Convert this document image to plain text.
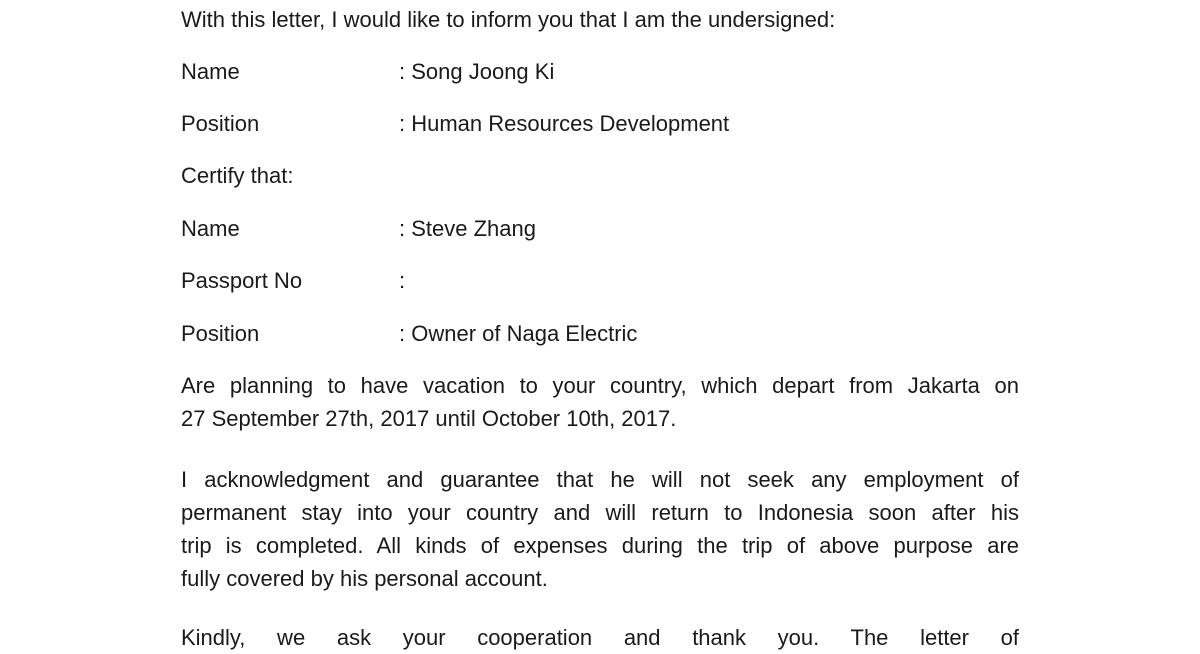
With this letter, I would like to inform you that I am the undersigned:
Name	: Song Joong Ki
Position	: Human Resources Development
Certify that:
Name	: Steve Zhang
Passport No	:
Position	: Owner of Naga Electric
Are planning to have vacation to your country, which depart from Jakarta on
27 September 27th, 2017 until October 10th, 2017.
I acknowledgment and guarantee that he will not seek any employment of
permanent stay into your country and will return to Indonesia soon after his
trip is completed. All kinds of expenses during the trip of above purpose are
fully covered by his personal account.
Kindly, we ask your cooperation and thank you. The letter of
